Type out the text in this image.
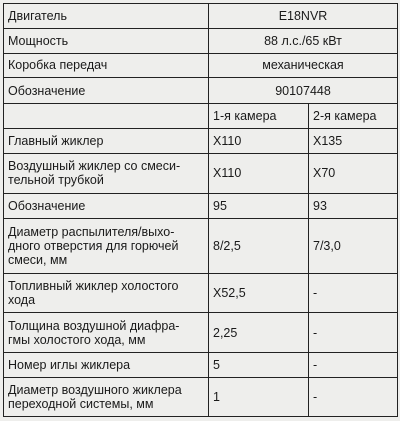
Двигатель	E18NVR	
Мощность	88 л.с./65 кВт	
Коробка передач	механическая	
Обозначение	90107448	
	1-я камера	2-я камера
Главный жиклер	X110	X135
Воздушный жиклер со смеси-
тельной трубкой	X110	X70
Обозначение	95	93
Диаметр распылителя/выхо-
дного отверстия для горючей
смеси, мм	8/2,5	7/3,0
Топливный жиклер холостого
хода	X52,5	-
Толщина воздушной диафра-
гмы холостого хода, мм	2,25	-
Номер иглы жиклера	5	-
Диаметр воздушного жиклера
переходной системы, мм	1	-
